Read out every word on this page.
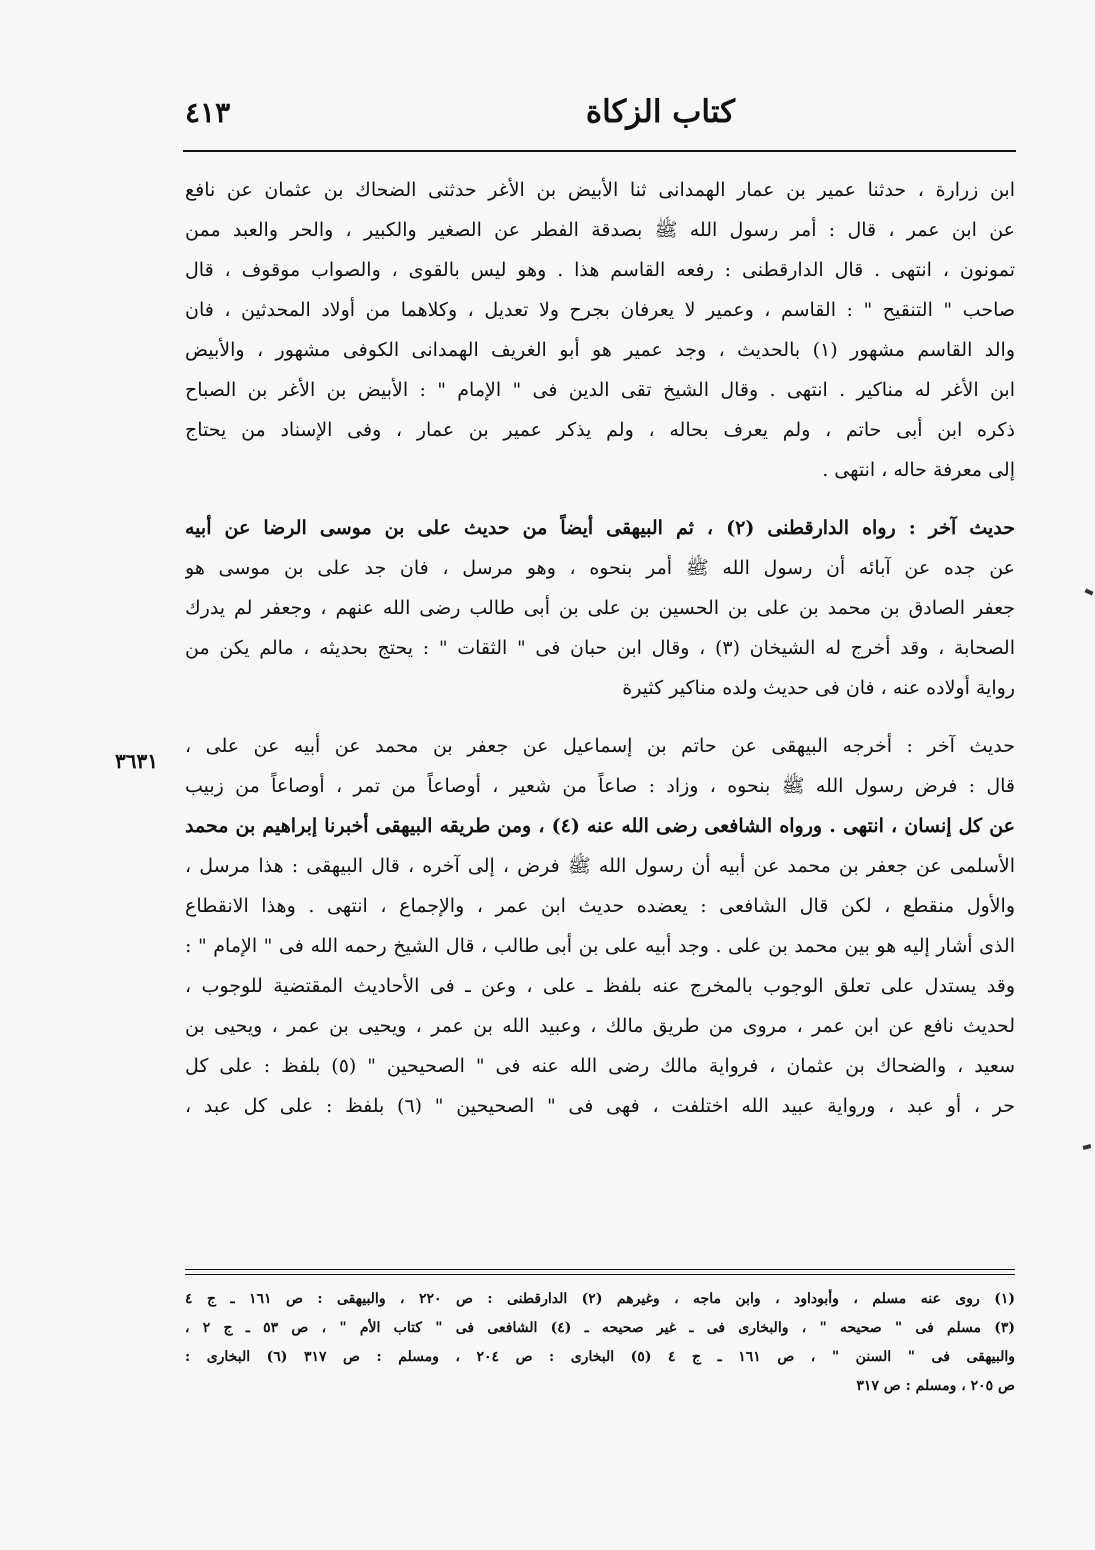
كتاب الزكاة
٤١٣
ابن زرارة ، حدثنا عمير بن عمار الهمدانى ثنا الأبيض بن الأغر حدثنى الضحاك بن عثمان عن نافع
عن ابن عمر ، قال : أمر رسول الله ﷺ بصدقة الفطر عن الصغير والكبير ، والحر والعبد ممن
تمونون ، انتهى . قال الدارقطنى : رفعه القاسم هذا . وهو ليس بالقوى ، والصواب موقوف ، قال
صاحب " التنقيح " : القاسم ، وعمير لا يعرفان بجرح ولا تعديل ، وكلاهما من أولاد المحدثين ، فان
والد القاسم مشهور (١) بالحديث ، وجد عمير هو أبو الغريف الهمدانى الكوفى مشهور ، والأبيض
ابن الأغر له مناكير . انتهى . وقال الشيخ تقى الدين فى " الإمام " : الأبيض بن الأغر بن الصباح
ذكره ابن أبى حاتم ، ولم يعرف بحاله ، ولم يذكر عمير بن عمار ، وفى الإسناد من يحتاج
إلى معرفة حاله ، انتهى .
حديث آخر : رواه الدارقطنى (٢) ، ثم البيهقى أيضاً من حديث على بن موسى الرضا عن أبيه
عن جده عن آبائه أن رسول الله ﷺ أمر بنحوه ، وهو مرسل ، فان جد على بن موسى هو
جعفر الصادق بن محمد بن على بن الحسين بن على بن أبى طالب رضى الله عنهم ، وجعفر لم يدرك
الصحابة ، وقد أخرج له الشيخان (٣) ، وقال ابن حبان فى " الثقات " : يحتج بحديثه ، مالم يكن من
رواية أولاده عنه ، فان فى حديث ولده مناكير كثيرة
حديث آخر : أخرجه البيهقى عن حاتم بن إسماعيل عن جعفر بن محمد عن أبيه عن على ،
قال : فرض رسول الله ﷺ بنحوه ، وزاد : صاعاً من شعير ، أوصاعاً من تمر ، أوصاعاً من زبيب
عن كل إنسان ، انتهى . ورواه الشافعى رضى الله عنه (٤) ، ومن طريقه البيهقى أخبرنا إبراهيم بن محمد
الأسلمى عن جعفر بن محمد عن أبيه أن رسول الله ﷺ فرض ، إلى آخره ، قال البيهقى : هذا مرسل ،
والأول منقطع ، لكن قال الشافعى : يعضده حديث ابن عمر ، والإجماع ، انتهى . وهذا الانقطاع
الذى أشار إليه هو بين محمد بن على . وجد أبيه على بن أبى طالب ، قال الشيخ رحمه الله فى " الإمام " :
وقد يستدل على تعلق الوجوب بالمخرج عنه بلفظ ـ على ، وعن ـ فى الأحاديث المقتضية للوجوب ،
لحديث نافع عن ابن عمر ، مروى من طريق مالك ، وعبيد الله بن عمر ، ويحيى بن عمر ، ويحيى بن
سعيد ، والضحاك بن عثمان ، فرواية مالك رضى الله عنه فى " الصحيحين " (٥) بلفظ : على كل
حر ، أو عبد ، ورواية عبيد الله اختلفت ، فهى فى " الصحيحين " (٦) بلفظ : على كل عبد ،
٣٦٣١
(١) روى عنه مسلم ، وأبوداود ، وابن ماجه ، وغيرهم (٢) الدارقطنى : ص ٢٢٠ ، والبيهقى : ص ١٦١ ـ ج ٤
(٣) مسلم فى " صحيحه " ، والبخارى فى ـ غير صحيحه ـ (٤) الشافعى فى " كتاب الأم " ، ص ٥٣ ـ ج ٢ ،
والبيهقى فى " السنن " ، ص ١٦١ ـ ج ٤ (٥) البخارى : ص ٢٠٤ ، ومسلم : ص ٣١٧ (٦) البخارى :
ص ٢٠٥ ، ومسلم : ص ٣١٧
